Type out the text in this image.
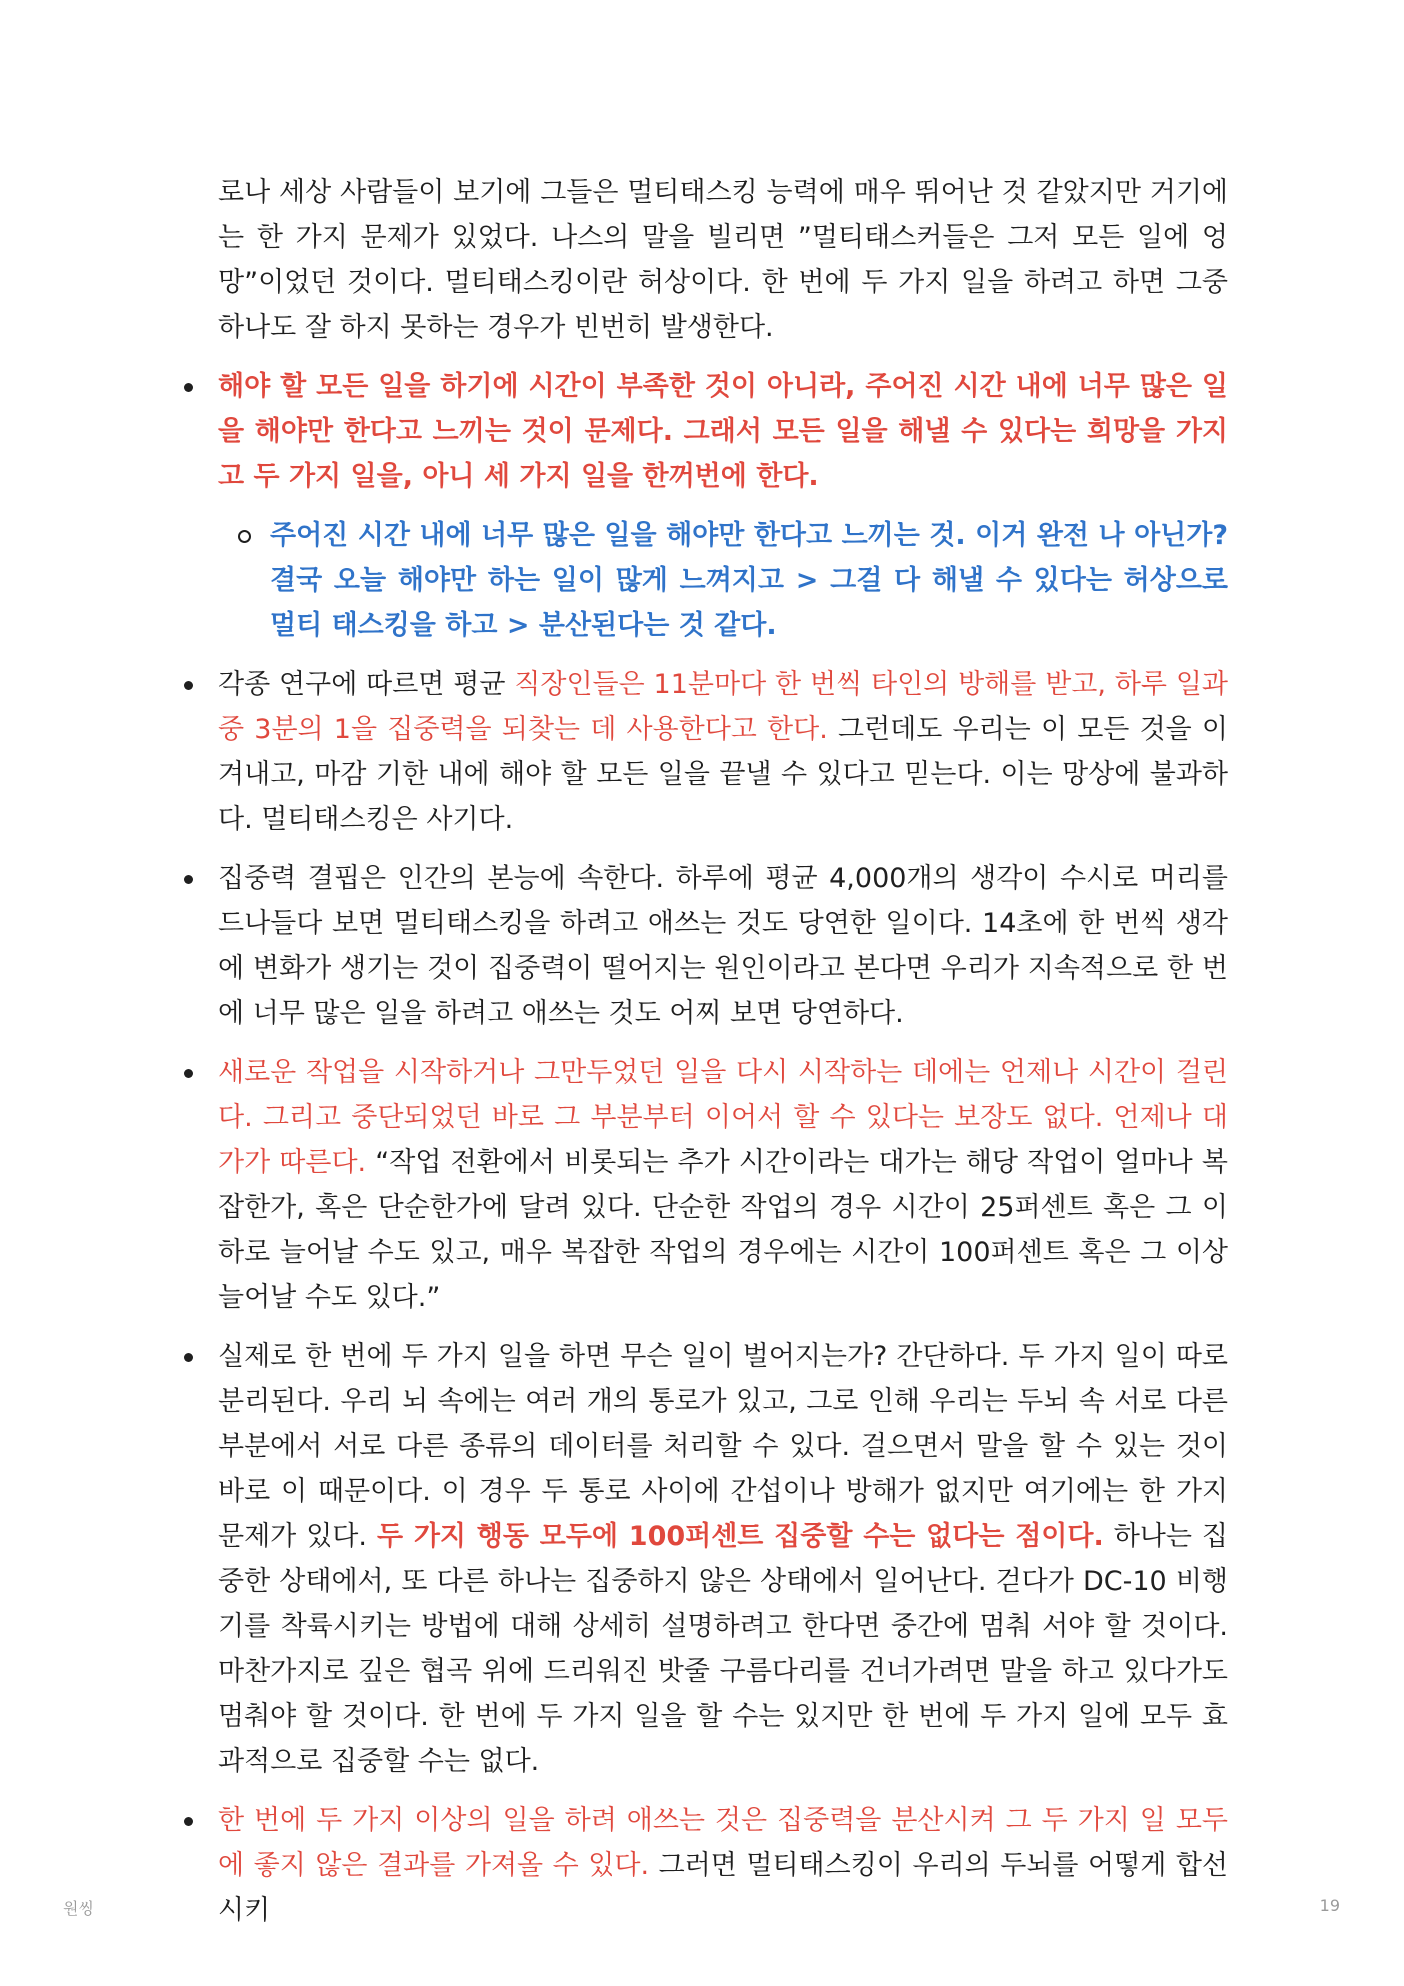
로나 세상 사람들이 보기에 그들은 멀티태스킹 능력에 매우 뛰어난 것 같았지만 거기에는 한 가지 문제가 있었다. 나스의 말을 빌리면 ”멀티태스커들은 그저 모든 일에 엉망”이었던 것이다. 멀티태스킹이란 허상이다. 한 번에 두 가지 일을 하려고 하면 그중 하나도 잘 하지 못하는 경우가 빈번히 발생한다.

해야 할 모든 일을 하기에 시간이 부족한 것이 아니라, 주어진 시간 내에 너무 많은 일을 해야만 한다고 느끼는 것이 문제다. 그래서 모든 일을 해낼 수 있다는 희망을 가지고 두 가지 일을, 아니 세 가지 일을 한꺼번에 한다.
주어진 시간 내에 너무 많은 일을 해야만 한다고 느끼는 것. 이거 완전 나 아닌가? 결국 오늘 해야만 하는 일이 많게 느껴지고 > 그걸 다 해낼 수 있다는 허상으로 멀티 태스킹을 하고 > 분산된다는 것 같다.
각종 연구에 따르면 평균 직장인들은 11분마다 한 번씩 타인의 방해를 받고, 하루 일과 중 3분의 1을 집중력을 되찾는 데 사용한다고 한다. 그런데도 우리는 이 모든 것을 이겨내고, 마감 기한 내에 해야 할 모든 일을 끝낼 수 있다고 믿는다. 이는 망상에 불과하다. 멀티태스킹은 사기다.
집중력 결핍은 인간의 본능에 속한다. 하루에 평균 4,000개의 생각이 수시로 머리를 드나들다 보면 멀티태스킹을 하려고 애쓰는 것도 당연한 일이다. 14초에 한 번씩 생각에 변화가 생기는 것이 집중력이 떨어지는 원인이라고 본다면 우리가 지속적으로 한 번에 너무 많은 일을 하려고 애쓰는 것도 어찌 보면 당연하다.
새로운 작업을 시작하거나 그만두었던 일을 다시 시작하는 데에는 언제나 시간이 걸린다. 그리고 중단되었던 바로 그 부분부터 이어서 할 수 있다는 보장도 없다. 언제나 대가가 따른다. “작업 전환에서 비롯되는 추가 시간이라는 대가는 해당 작업이 얼마나 복잡한가, 혹은 단순한가에 달려 있다. 단순한 작업의 경우 시간이 25퍼센트 혹은 그 이하로 늘어날 수도 있고, 매우 복잡한 작업의 경우에는 시간이 100퍼센트 혹은 그 이상 늘어날 수도 있다.”
실제로 한 번에 두 가지 일을 하면 무슨 일이 벌어지는가? 간단하다. 두 가지 일이 따로 분리된다. 우리 뇌 속에는 여러 개의 통로가 있고, 그로 인해 우리는 두뇌 속 서로 다른 부분에서 서로 다른 종류의 데이터를 처리할 수 있다. 걸으면서 말을 할 수 있는 것이 바로 이 때문이다. 이 경우 두 통로 사이에 간섭이나 방해가 없지만 여기에는 한 가지 문제가 있다. 두 가지 행동 모두에 100퍼센트 집중할 수는 없다는 점이다. 하나는 집중한 상태에서, 또 다른 하나는 집중하지 않은 상태에서 일어난다. 걷다가 DC-10 비행기를 착륙시키는 방법에 대해 상세히 설명하려고 한다면 중간에 멈춰 서야 할 것이다. 마찬가지로 깊은 협곡 위에 드리워진 밧줄 구름다리를 건너가려면 말을 하고 있다가도 멈춰야 할 것이다. 한 번에 두 가지 일을 할 수는 있지만 한 번에 두 가지 일에 모두 효과적으로 집중할 수는 없다.
한 번에 두 가지 이상의 일을 하려 애쓰는 것은 집중력을 분산시켜 그 두 가지 일 모두에 좋지 않은 결과를 가져올 수 있다. 그러면 멀티태스킹이 우리의 두뇌를 어떻게 합선시키
원씽	19
